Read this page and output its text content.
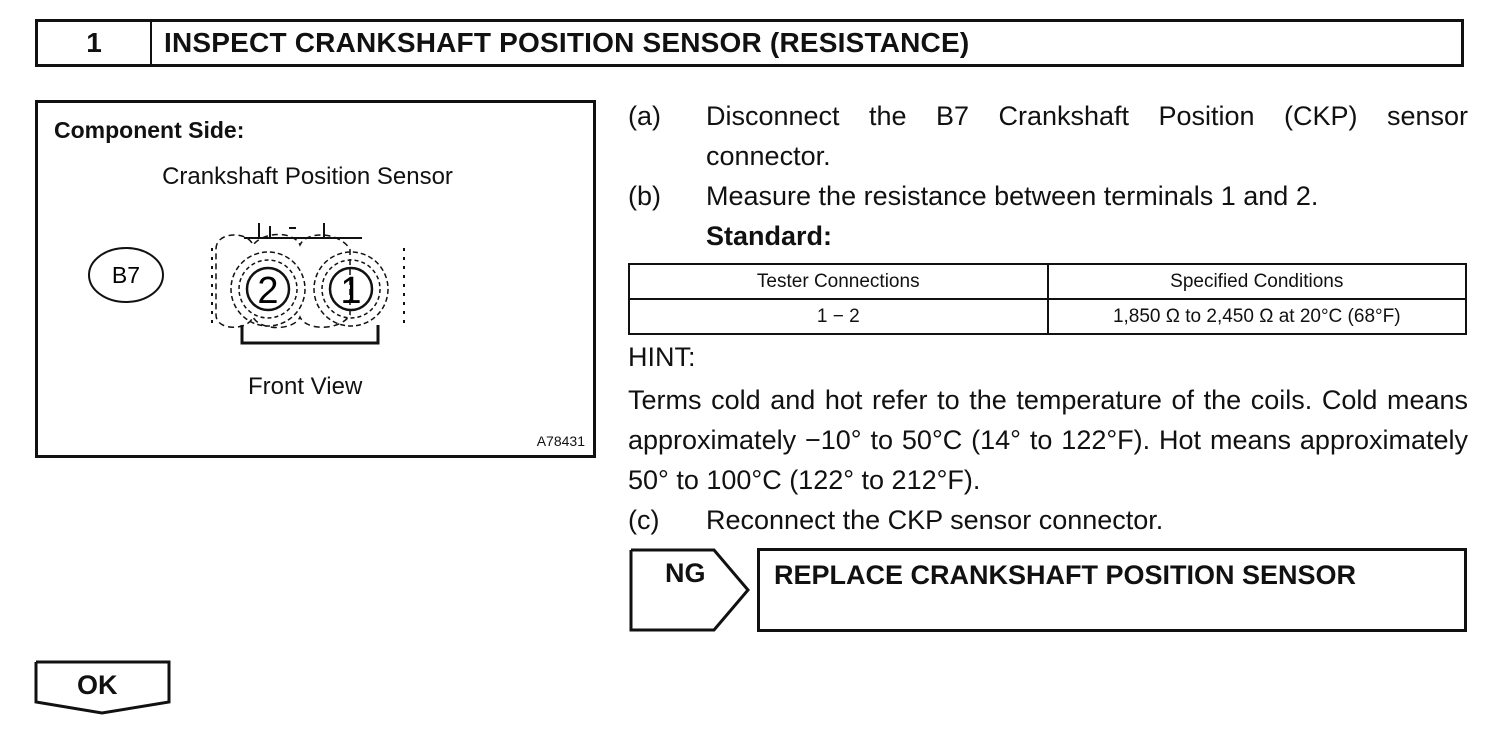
1	INSPECT CRANKSHAFT POSITION SENSOR (RESISTANCE)
Component Side:
Crankshaft Position Sensor
B7	2 1
Front View
A78431
(a) Disconnect the B7 Crankshaft Position (CKP) sensor connector.
(b) Measure the resistance between terminals 1 and 2.
Standard:
Tester Connections	Specified Conditions
1 − 2	1,850 Ω to 2,450 Ω at 20°C (68°F)
HINT:
Terms cold and hot refer to the temperature of the coils. Cold means approximately −10° to 50°C (14° to 122°F). Hot means approximately 50° to 100°C (122° to 212°F).
(c) Reconnect the CKP sensor connector.
NG	REPLACE CRANKSHAFT POSITION SENSOR
OK
